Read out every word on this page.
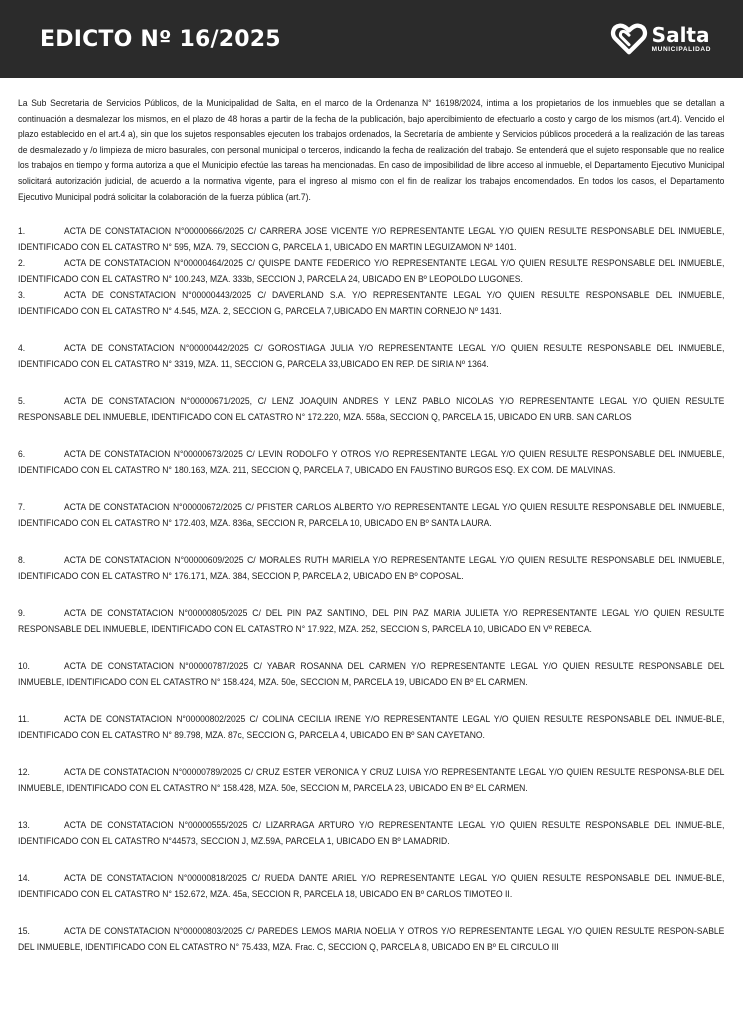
EDICTO Nº 16/2025	Salta
MUNICIPALIDAD

La Sub Secretaria de Servicios Públicos, de la Municipalidad de Salta, en el marco de la Ordenanza N° 16198/2024, intima a los propietarios de los inmuebles que se detallan a continuación a desmalezar los mismos, en el plazo de 48 horas a partir de la fecha de la publicación, bajo apercibimiento de efectuarlo a costo y cargo de los mismos (art.4). Vencido el plazo establecido en el art.4 a), sin que los sujetos responsables ejecuten los trabajos ordenados, la Secretaría de ambiente y Servicios públicos procederá a la realización de las tareas de desmalezado y /o limpieza de micro basurales, con personal municipal o terceros, indicando la fecha de realización del trabajo. Se entenderá que el sujeto responsable que no realice los trabajos en tiempo y forma autoriza a que el Municipio efectúe las tareas ha mencionadas. En caso de imposibilidad de libre acceso al inmueble, el Departamento Ejecutivo Municipal solicitará autorización judicial, de acuerdo a la normativa vigente, para el ingreso al mismo con el fin de realizar los trabajos encomendados. En todos los casos, el Departamento Ejecutivo Municipal podrá solicitar la colaboración de la fuerza pública (art.7).

1.	ACTA DE CONSTATACION N°00000666/2025 C/ CARRERA JOSE VICENTE Y/O REPRESENTANTE LEGAL Y/O QUIEN RESULTE RESPONSABLE DEL INMUEBLE, IDENTIFICADO CON EL CATASTRO N° 595, MZA. 79, SECCION G, PARCELA 1, UBICADO EN MARTIN LEGUIZAMON Nº 1401.

2.	ACTA DE CONSTATACION N°00000464/2025 C/ QUISPE DANTE FEDERICO Y/O REPRESENTANTE LEGAL Y/O QUIEN RESULTE RESPONSABLE DEL INMUEBLE, IDENTIFICADO CON EL CATASTRO N° 100.243, MZA. 333b, SECCION J, PARCELA 24, UBICADO EN Bº LEOPOLDO LUGONES.

3.	ACTA DE CONSTATACION N°00000443/2025 C/ DAVERLAND S.A. Y/O REPRESENTANTE LEGAL Y/O QUIEN RESULTE RESPONSABLE DEL INMUEBLE, IDENTIFICADO CON EL CATASTRO N° 4.545, MZA. 2, SECCION G, PARCELA 7,UBICADO EN MARTIN CORNEJO Nº 1431.

4.	ACTA DE CONSTATACION N°00000442/2025 C/ GOROSTIAGA JULIA Y/O REPRESENTANTE LEGAL Y/O QUIEN RESULTE RESPONSABLE DEL INMUEBLE, IDENTIFICADO CON EL CATASTRO N° 3319, MZA. 11, SECCION G, PARCELA 33,UBICADO EN REP. DE SIRIA Nº 1364.

5.	ACTA DE CONSTATACION N°00000671/2025, C/ LENZ JOAQUIN ANDRES Y LENZ PABLO NICOLAS Y/O REPRESENTANTE LEGAL Y/O QUIEN RESULTE RESPONSABLE DEL INMUEBLE, IDENTIFICADO CON EL CATASTRO N° 172.220, MZA. 558a, SECCION Q, PARCELA 15, UBICADO EN URB. SAN CARLOS

6.	ACTA DE CONSTATACION N°00000673/2025 C/ LEVIN RODOLFO Y OTROS Y/O REPRESENTANTE LEGAL Y/O QUIEN RESULTE RESPONSABLE DEL INMUEBLE, IDENTIFICADO CON EL CATASTRO N° 180.163, MZA. 211, SECCION Q, PARCELA 7, UBICADO EN FAUSTINO BURGOS ESQ. EX COM. DE MALVINAS.

7.	ACTA DE CONSTATACION N°00000672/2025 C/ PFISTER CARLOS ALBERTO Y/O REPRESENTANTE LEGAL Y/O QUIEN RESULTE RESPONSABLE DEL INMUEBLE, IDENTIFICADO CON EL CATASTRO N° 172.403, MZA. 836a, SECCION R, PARCELA 10, UBICADO EN Bº SANTA LAURA.

8.	ACTA DE CONSTATACION N°00000609/2025 C/ MORALES RUTH MARIELA Y/O REPRESENTANTE LEGAL Y/O QUIEN RESULTE RESPONSABLE DEL INMUEBLE, IDENTIFICADO CON EL CATASTRO N° 176.171, MZA. 384, SECCION P, PARCELA 2, UBICADO EN Bº COPOSAL.

9.	ACTA DE CONSTATACION N°00000805/2025 C/ DEL PIN PAZ SANTINO, DEL PIN PAZ MARIA JULIETA Y/O REPRESENTANTE LEGAL Y/O QUIEN RESULTE RESPONSABLE DEL INMUEBLE, IDENTIFICADO CON EL CATASTRO N° 17.922, MZA. 252, SECCION S, PARCELA 10, UBICADO EN Vº REBECA.

10.	ACTA DE CONSTATACION N°00000787/2025 C/ YABAR ROSANNA DEL CARMEN Y/O REPRESENTANTE LEGAL Y/O QUIEN RESULTE RESPONSABLE DEL INMUEBLE, IDENTIFICADO CON EL CATASTRO N° 158.424, MZA. 50e, SECCION M, PARCELA 19, UBICADO EN Bº EL CARMEN.

11.	ACTA DE CONSTATACION N°00000802/2025 C/ COLINA CECILIA IRENE Y/O REPRESENTANTE LEGAL Y/O QUIEN RESULTE RESPONSABLE DEL INMUE-BLE, IDENTIFICADO CON EL CATASTRO N° 89.798, MZA. 87c, SECCION G, PARCELA 4, UBICADO EN Bº SAN CAYETANO.

12.	ACTA DE CONSTATACION N°00000789/2025 C/ CRUZ ESTER VERONICA Y CRUZ LUISA Y/O REPRESENTANTE LEGAL Y/O QUIEN RESULTE RESPONSA-BLE DEL INMUEBLE, IDENTIFICADO CON EL CATASTRO N° 158.428, MZA. 50e, SECCION M, PARCELA 23, UBICADO EN Bº EL CARMEN.

13.	ACTA DE CONSTATACION N°00000555/2025 C/ LIZARRAGA ARTURO Y/O REPRESENTANTE LEGAL Y/O QUIEN RESULTE RESPONSABLE DEL INMUE-BLE, IDENTIFICADO CON EL CATASTRO N°44573, SECCION J, MZ.59A, PARCELA 1, UBICADO EN Bº LAMADRID.

14.	ACTA DE CONSTATACION N°00000818/2025 C/ RUEDA DANTE ARIEL Y/O REPRESENTANTE LEGAL Y/O QUIEN RESULTE RESPONSABLE DEL INMUE-BLE, IDENTIFICADO CON EL CATASTRO N° 152.672, MZA. 45a, SECCION R, PARCELA 18, UBICADO EN Bº CARLOS TIMOTEO II.

15.	ACTA DE CONSTATACION N°00000803/2025 C/ PAREDES LEMOS MARIA NOELIA Y OTROS Y/O REPRESENTANTE LEGAL Y/O QUIEN RESULTE RESPON-SABLE DEL INMUEBLE, IDENTIFICADO CON EL CATASTRO N° 75.433, MZA. Frac. C, SECCION Q, PARCELA 8, UBICADO EN Bº EL CIRCULO III
